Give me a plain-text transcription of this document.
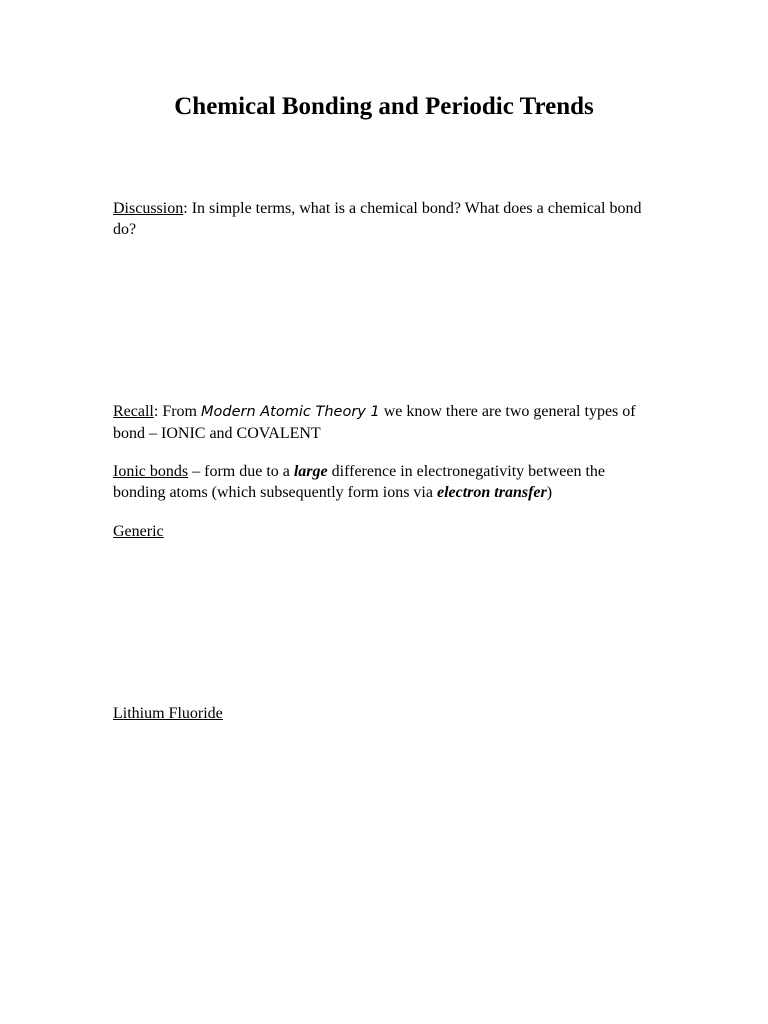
Chemical Bonding and Periodic Trends

Discussion: In simple terms, what is a chemical bond? What does a chemical bond do?

Recall: From Modern Atomic Theory 1 we know there are two general types of bond – IONIC and COVALENT

Ionic bonds – form due to a large difference in electronegativity between the bonding atoms (which subsequently form ions via electron transfer)

Generic

Lithium Fluoride
